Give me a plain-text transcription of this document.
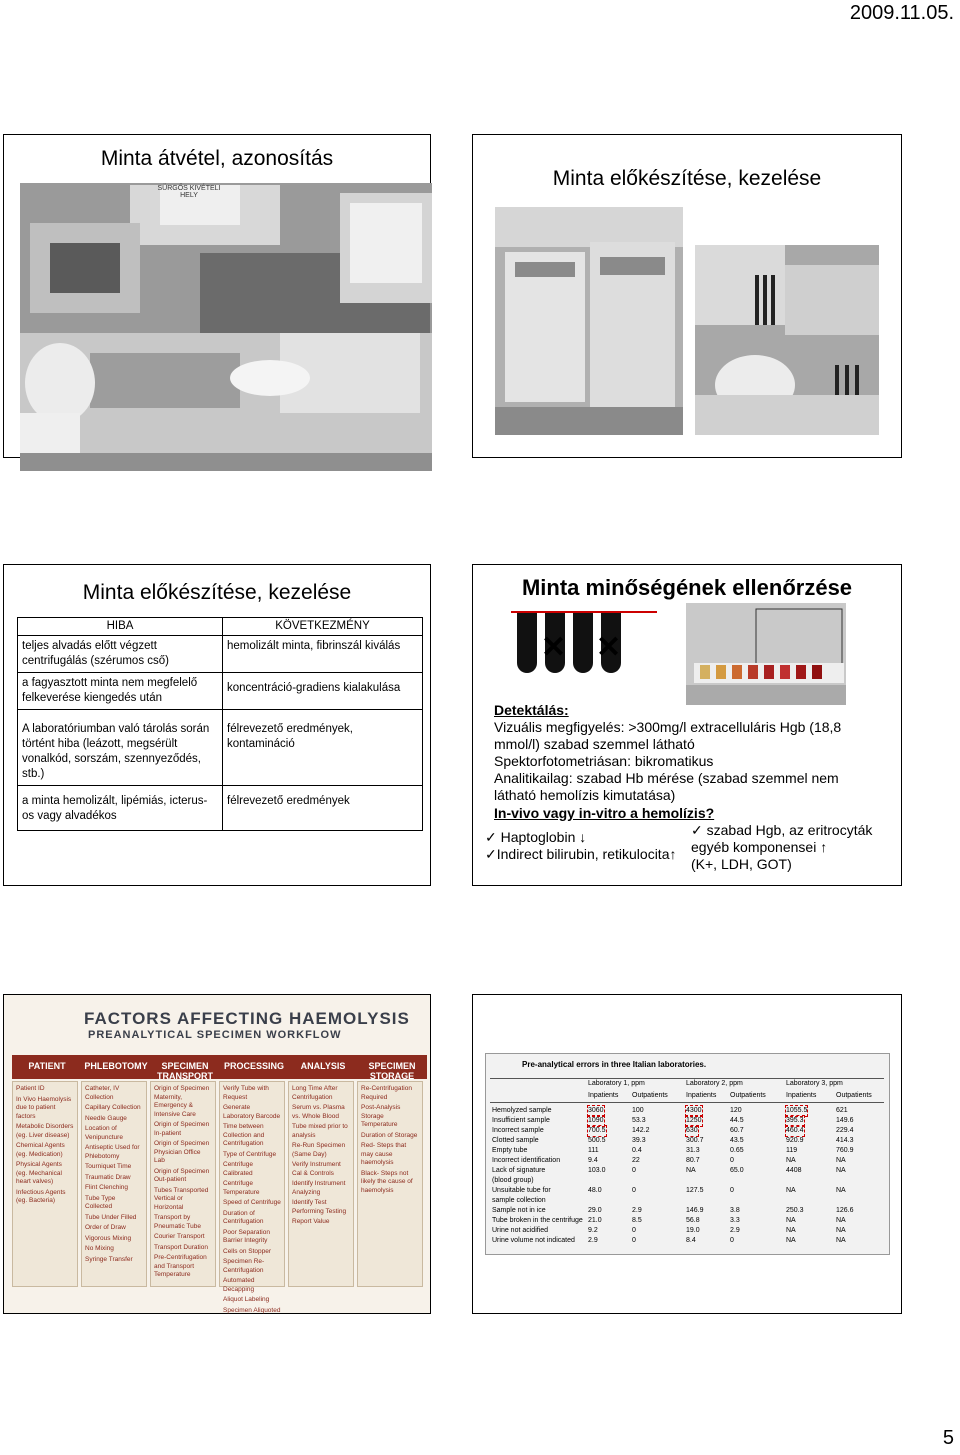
2009.11.05.
Minta átvétel, azonosítás
SÜRGŐS KIVÉTELI HELY
Minta előkészítése, kezelése
Minta előkészítése, kezelése
HIBA	KÖVETKEZMÉNY
teljes alvadás előtt végzett centrifugálás (szérumos cső)	hemolizált minta, fibrinszál kiválás
a fagyasztott minta nem megfelelő felkeverése kiengedés után	koncentráció-gradiens kialakulása
A laboratóriumban való tárolás során történt hiba (leázott, megsérült vonalkód, sorszám, szennyeződés, stb.)	félrevezető eredmények, kontamináció
a minta hemolizált, lipémiás, icterus-os vagy alvadékos	félrevezető eredmények
Minta minőségének ellenőrzése
✕ ✕
Detektálás:
Vizuális megfigyelés: >300mg/l extracelluláris Hgb (18,8
mmol/l) szabad szemmel látható
Spektorfotometriásan: bikromatikus
Analitikailag: szabad Hb mérése (szabad szemmel nem
látható hemolízis kimutatása)
In-vivo vagy in-vitro a hemolízis?
✓ Haptoglobin ↓
✓Indirect bilirubin, retikulocita↑
✓ szabad Hgb, az eritrocyták
egyéb komponensei ↑
(K+, LDH, GOT)
FACTORS AFFECTING HAEMOLYSIS
PREANALYTICAL SPECIMEN WORKFLOW
PATIENT
Patient ID
In Vivo Haemolysis due to patient factors
Metabolic Disorders (eg. Liver disease)
Chemical Agents (eg. Medication)
Physical Agents (eg. Mechanical heart valves)
Infectious Agents (eg. Bacteria)
PHLEBOTOMY
Catheter, IV Collection
Capillary Collection
Needle Gauge
Location of Venipuncture
Antiseptic Used for Phlebotomy
Tourniquet Time
Traumatic Draw
Flint Clenching
Tube Type Collected
Tube Under Filled
Order of Draw
Vigorous Mixing
No Mixing
Syringe Transfer
SPECIMEN TRANSPORT
Origin of Specimen Maternity, Emergency & Intensive Care
Origin of Specimen In-patient
Origin of Specimen Physician Office Lab
Origin of Specimen Out-patient
Tubes Transported Vertical or Horizontal
Transport by Pneumatic Tube
Courier Transport
Transport Duration
Pre-Centrifugation and Transport Temperature
PROCESSING
Verify Tube with Request
Generate Laboratory Barcode
Time between Collection and Centrifugation
Type of Centrifuge
Centrifuge Calibrated
Centrifuge Temperature
Speed of Centrifuge
Duration of Centrifugation
Poor Separation Barrier Integrity
Cells on Stopper
Specimen Re-Centrifugation
Automated Decapping
Aliquot Labeling
Specimen Aliquoted
ANALYSIS
Long Time After Centrifugation
Serum vs. Plasma vs. Whole Blood
Tube mixed prior to analysis
Re-Run Specimen (Same Day)
Verify Instrument Cal & Controls
Identify Instrument Analyzing
Identify Test Performing Testing
Report Value
SPECIMEN STORAGE
Re-Centrifugation Required
Post-Analysis Storage Temperature
Duration of Storage
Red- Steps that may cause haemolysis
Black- Steps not likely the cause of haemolysis
Pre-analytical errors in three Italian laboratories.
Laboratory 1, ppm	Laboratory 2, ppm	Laboratory 3, ppm
Inpatients Outpatients	Inpatients Outpatients	Inpatients	Outpatients
Hemolyzed sample	3060	100	4300	120	1055.5	621
Insufficient sample	1090	53.3	1250	44.5	395.3	149.6
Incorrect sample	700.5	142.2	630	60.7	460.4	229.4
Clotted sample	500.5	39.3	300.7	43.5	920.9	414.3
Empty tube	111	0.4	31.3	0.65	119	760.9
Incorrect identification	9.4	22	80.7	0	NA	NA
Lack of signature	103.0	0	NA	65.0	4408	NA
(blood group)
Unsuitable tube for	48.0	0	127.5	0	NA	NA
sample collection
Sample not in ice	29.0	2.9	146.9	3.8	250.3	126.6
Tube broken in the centrifuge 21.0	8.5	56.8	3.3	NA	NA
Urine not acidified	9.2	0	19.0	2.9	NA	NA
Urine volume not indicated 2.9	0	8.4	0	NA	NA
5
